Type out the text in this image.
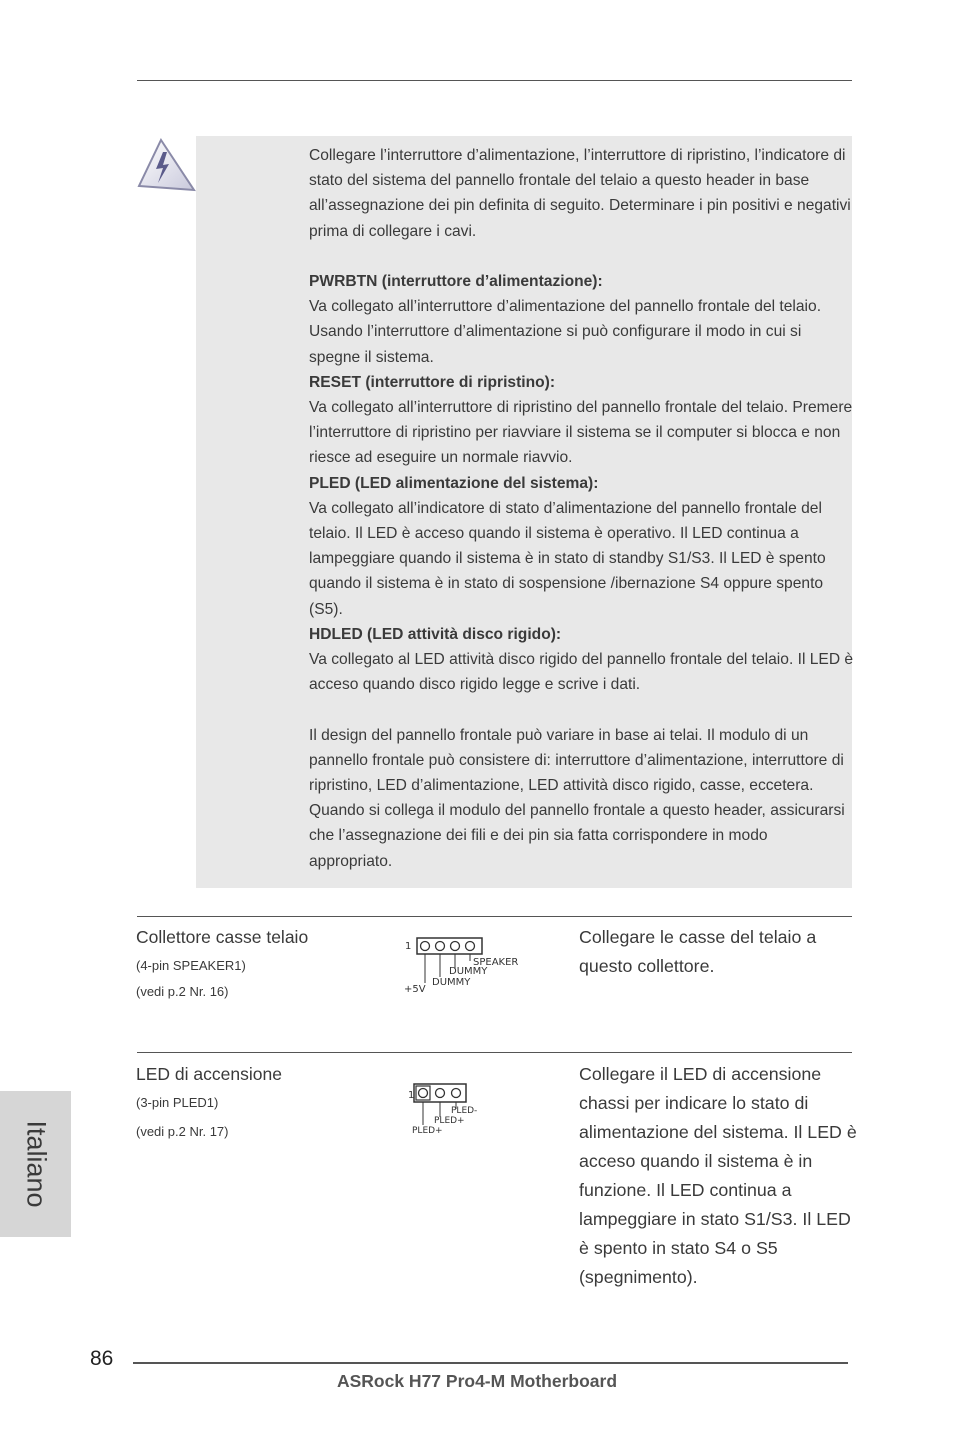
Collegare l’interruttore d’alimentazione, l’interruttore di ripristino, l’indicatore di stato del sistema del pannello frontale del telaio a questo header in base all’assegnazione dei pin definita di seguito. Determinare i pin positivi e negativi prima di collegare i cavi.

PWRBTN (interruttore d’alimentazione):

Va collegato all’interruttore d’alimentazione del pannello frontale del telaio. Usando l’interruttore d’alimentazione si può configurare il modo in cui si spegne il sistema.

RESET (interruttore di ripristino):

Va collegato all’interruttore di ripristino del pannello frontale del telaio. Premere l’interruttore di ripristino per riavviare il sistema se il computer si blocca e non riesce ad eseguire un normale riavvio.

PLED (LED alimentazione del sistema):

Va collegato all’indicatore di stato d’alimentazione del pannello frontale del telaio. Il LED è acceso quando il sistema è operativo. Il LED continua a lampeggiare quando il sistema è in stato di standby S1/S3. Il LED è spento quando il sistema è in stato di sospensione /ibernazione S4 oppure spento (S5).

HDLED (LED attività disco rigido):

Va collegato al LED attività disco rigido del pannello frontale del telaio. Il LED è acceso quando disco rigido legge e scrive i dati.

Il design del pannello frontale può variare in base ai telai. Il modulo di un pannello frontale può consistere di: interruttore d’alimentazione, interruttore di ripristino, LED d’alimentazione, LED attività disco rigido, casse, eccetera. Quando si collega il modulo del pannello frontale a questo header, assicurarsi che l’assegnazione dei fili e dei pin sia fatta corrispondere in modo appropriato.

Collettore casse telaio
(4-pin SPEAKER1)
(vedi p.2 Nr. 16)
1
SPEAKER
DUMMY
DUMMY
+5V
Collegare le casse del telaio a questo collettore.
LED di accensione
(3-pin PLED1)
(vedi p.2 Nr. 17)
1
PLED-
PLED+
PLED+
Collegare il LED di accensione chassi per indicare lo stato di alimentazione del sistema. Il LED è acceso quando il sistema è in funzione. Il LED continua a lampeggiare in stato S1/S3. Il LED è spento in stato S4 o S5 (spegnimento).
Italiano
86
ASRock H77 Pro4-M Motherboard
